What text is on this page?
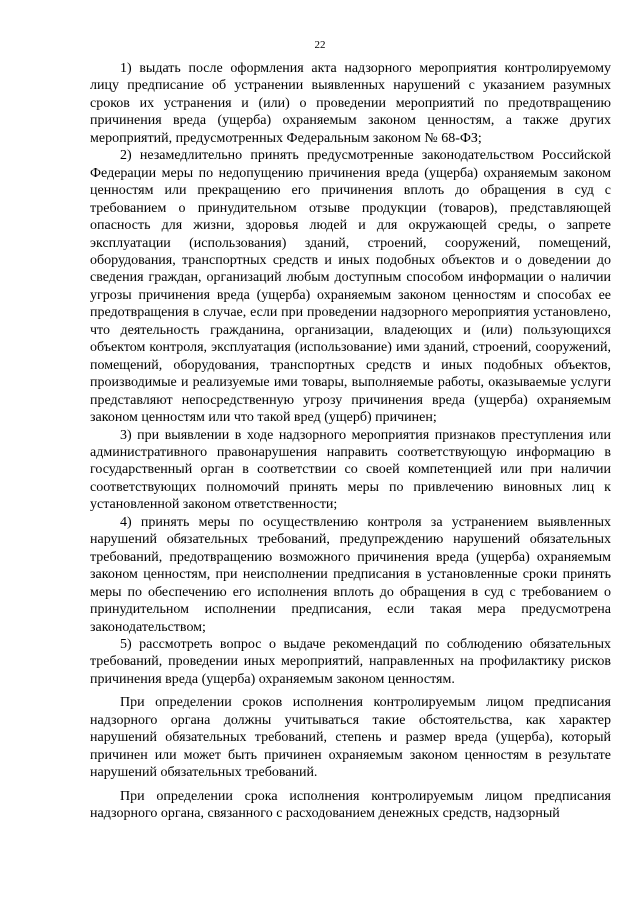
22

1) выдать после оформления акта надзорного мероприятия контролируемому лицу предписание об устранении выявленных нарушений с указанием разумных сроков их устранения и (или) о проведении мероприятий по предотвращению причинения вреда (ущерба) охраняемым законом ценностям, а также других мероприятий, предусмотренных Федеральным законом № 68-ФЗ;

2) незамедлительно принять предусмотренные законодательством Российской Федерации меры по недопущению причинения вреда (ущерба) охраняемым законом ценностям или прекращению его причинения вплоть до обращения в суд с требованием о принудительном отзыве продукции (товаров), представляющей опасность для жизни, здоровья людей и для окружающей среды, о запрете эксплуатации (использования) зданий, строений, сооружений, помещений, оборудования, транспортных средств и иных подобных объектов и о доведении до сведения граждан, организаций любым доступным способом информации о наличии угрозы причинения вреда (ущерба) охраняемым законом ценностям и способах ее предотвращения в случае, если при проведении надзорного мероприятия установлено, что деятельность гражданина, организации, владеющих и (или) пользующихся объектом контроля, эксплуатация (использование) ими зданий, строений, сооружений, помещений, оборудования, транспортных средств и иных подобных объектов, производимые и реализуемые ими товары, выполняемые работы, оказываемые услуги представляют непосредственную угрозу причинения вреда (ущерба) охраняемым законом ценностям или что такой вред (ущерб) причинен;

3) при выявлении в ходе надзорного мероприятия признаков преступления или административного правонарушения направить соответствующую информацию в государственный орган в соответствии со своей компетенцией или при наличии соответствующих полномочий принять меры по привлечению виновных лиц к установленной законом ответственности;

4) принять меры по осуществлению контроля за устранением выявленных нарушений обязательных требований, предупреждению нарушений обязательных требований, предотвращению возможного причинения вреда (ущерба) охраняемым законом ценностям, при неисполнении предписания в установленные сроки принять меры по обеспечению его исполнения вплоть до обращения в суд с требованием о принудительном исполнении предписания, если такая мера предусмотрена законодательством;

5) рассмотреть вопрос о выдаче рекомендаций по соблюдению обязательных требований, проведении иных мероприятий, направленных на профилактику рисков причинения вреда (ущерба) охраняемым законом ценностям.

При определении сроков исполнения контролируемым лицом предписания надзорного органа должны учитываться такие обстоятельства, как характер нарушений обязательных требований, степень и размер вреда (ущерба), который причинен или может быть причинен охраняемым законом ценностям в результате нарушений обязательных требований.

При определении срока исполнения контролируемым лицом предписания надзорного органа, связанного с расходованием денежных средств, надзорный
